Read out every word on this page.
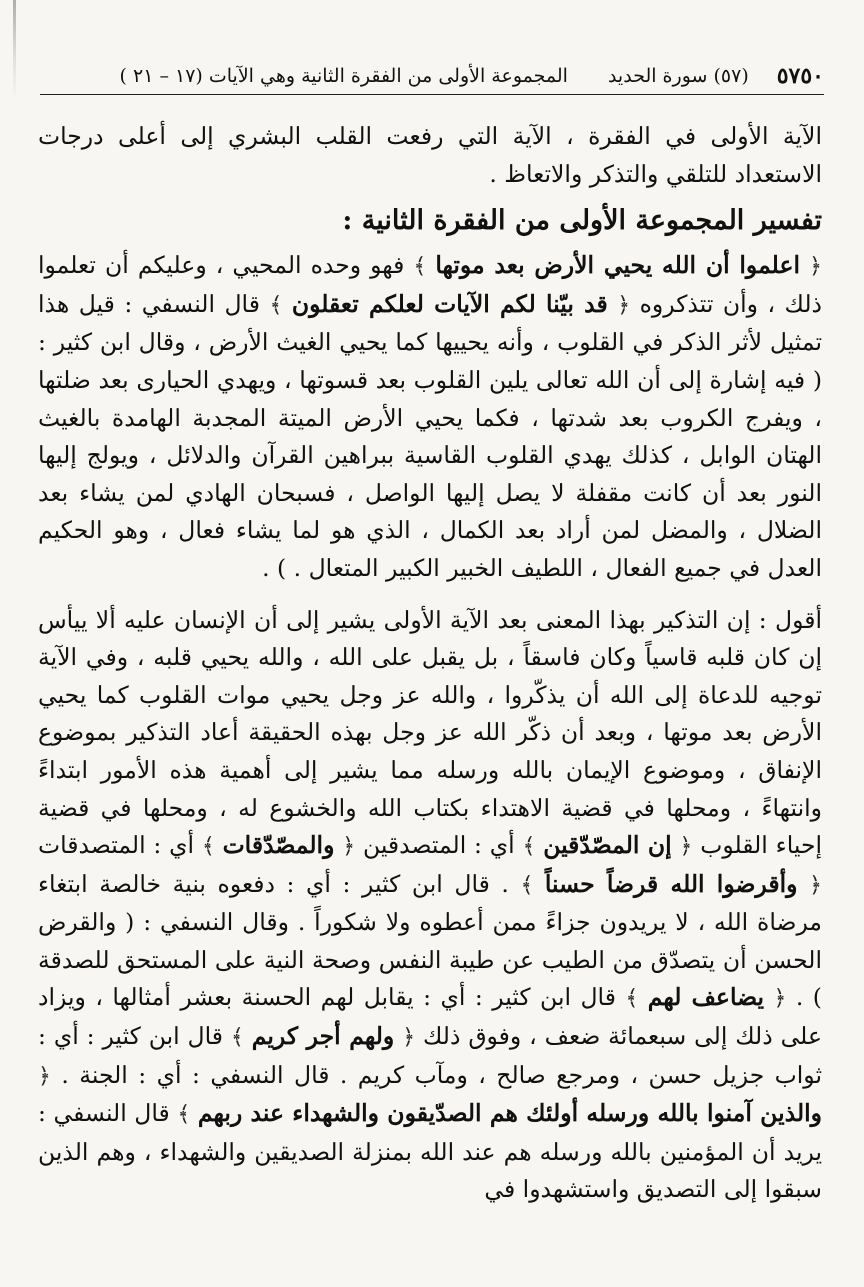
٥٧٥٠
(٥٧) سورة الحديد
المجموعة الأولى من الفقرة الثانية وهي الآيات (١٧ – ٢١ )

الآية الأولى في الفقرة ، الآية التي رفعت القلب البشري إلى أعلى درجات الاستعداد للتلقي والتذكر والاتعاظ .

تفسير المجموعة الأولى من الفقرة الثانية :

﴿ اعلموا أن الله يحيي الأرض بعد موتها ﴾ فهو وحده المحيي ، وعليكم أن تعلموا ذلك ، وأن تتذكروه ﴿ قد بيّنا لكم الآيات لعلكم تعقلون ﴾ قال النسفي : قيل هذا تمثيل لأثر الذكر في القلوب ، وأنه يحييها كما يحيي الغيث الأرض ، وقال ابن كثير : ( فيه إشارة إلى أن الله تعالى يلين القلوب بعد قسوتها ، ويهدي الحيارى بعد ضلتها ، ويفرج الكروب بعد شدتها ، فكما يحيي الأرض الميتة المجدبة الهامدة بالغيث الهتان الوابل ، كذلك يهدي القلوب القاسية ببراهين القرآن والدلائل ، ويولج إليها النور بعد أن كانت مقفلة لا يصل إليها الواصل ، فسبحان الهادي لمن يشاء بعد الضلال ، والمضل لمن أراد بعد الكمال ، الذي هو لما يشاء فعال ، وهو الحكيم العدل في جميع الفعال ، اللطيف الخبير الكبير المتعال . ) .

أقول : إن التذكير بهذا المعنى بعد الآية الأولى يشير إلى أن الإنسان عليه ألا ييأس إن كان قلبه قاسياً وكان فاسقاً ، بل يقبل على الله ، والله يحيي قلبه ، وفي الآية توجيه للدعاة إلى الله أن يذكّروا ، والله عز وجل يحيي موات القلوب كما يحيي الأرض بعد موتها ، وبعد أن ذكّر الله عز وجل بهذه الحقيقة أعاد التذكير بموضوع الإنفاق ، وموضوع الإيمان بالله ورسله مما يشير إلى أهمية هذه الأمور ابتداءً وانتهاءً ، ومحلها في قضية الاهتداء بكتاب الله والخشوع له ، ومحلها في قضية إحياء القلوب ﴿ إن المصّدّقين ﴾ أي : المتصدقين ﴿ والمصّدّقات ﴾ أي : المتصدقات ﴿ وأقرضوا الله قرضاً حسناً ﴾ . قال ابن كثير : أي : دفعوه بنية خالصة ابتغاء مرضاة الله ، لا يريدون جزاءً ممن أعطوه ولا شكوراً . وقال النسفي : ( والقرض الحسن أن يتصدّق من الطيب عن طيبة النفس وصحة النية على المستحق للصدقة ) . ﴿ يضاعف لهم ﴾ قال ابن كثير : أي : يقابل لهم الحسنة بعشر أمثالها ، ويزاد على ذلك إلى سبعمائة ضعف ، وفوق ذلك ﴿ ولهم أجر كريم ﴾ قال ابن كثير : أي : ثواب جزيل حسن ، ومرجع صالح ، ومآب كريم . قال النسفي : أي : الجنة . ﴿ والذين آمنوا بالله ورسله أولئك هم الصدّيقون والشهداء عند ربهم ﴾ قال النسفي : يريد أن المؤمنين بالله ورسله هم عند الله بمنزلة الصديقين والشهداء ، وهم الذين سبقوا إلى التصديق واستشهدوا في
